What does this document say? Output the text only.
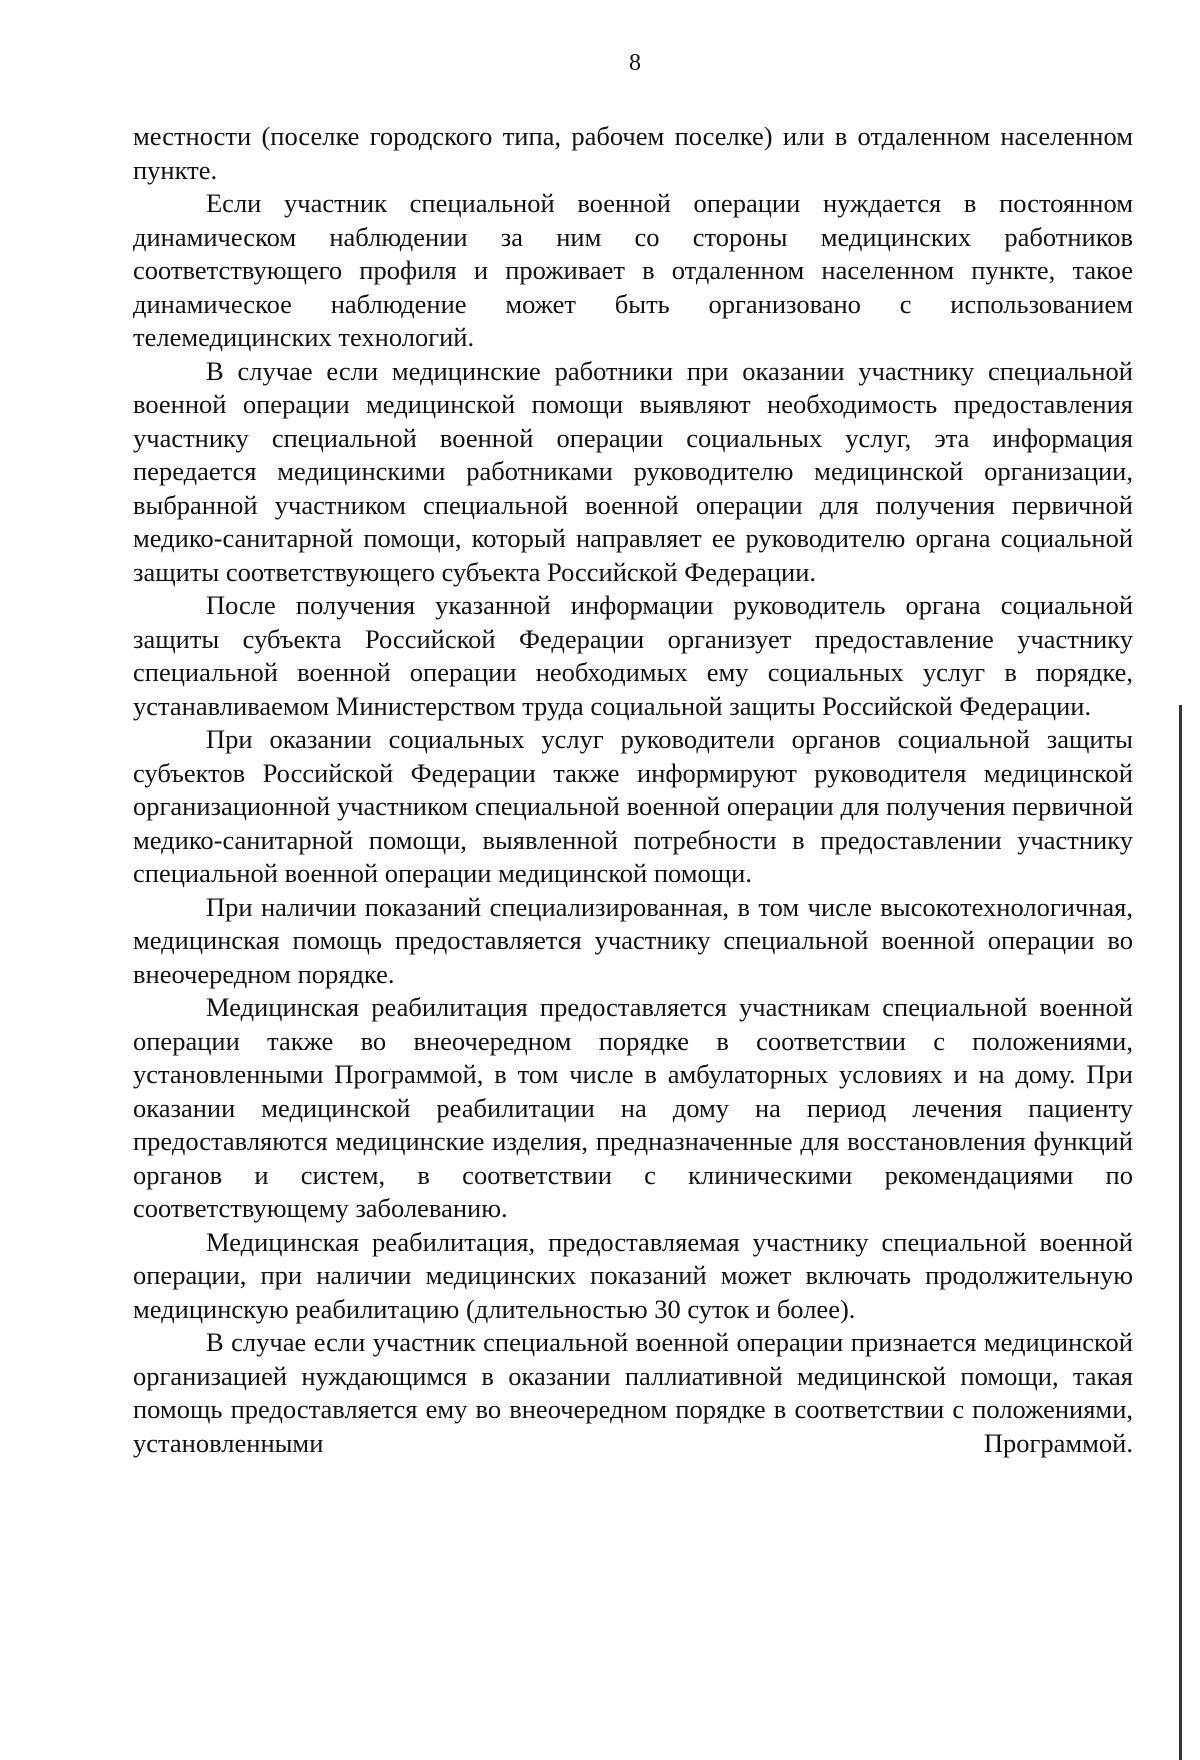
8

местности (поселке городского типа, рабочем поселке) или в отдаленном населенном пункте.

Если участник специальной военной операции нуждается в постоянном динамическом наблюдении за ним со стороны медицинских работников соответствующего профиля и проживает в отдаленном населенном пункте, такое динамическое наблюдение может быть организовано с использованием телемедицинских технологий.

В случае если медицинские работники при оказании участнику специальной военной операции медицинской помощи выявляют необходимость предоставления участнику специальной военной операции социальных услуг, эта информация передается медицинскими работниками руководителю медицинской организации, выбранной участником специальной военной операции для получения первичной медико-санитарной помощи, который направляет ее руководителю органа социальной защиты соответствующего субъекта Российской Федерации.

После получения указанной информации руководитель органа социальной защиты субъекта Российской Федерации организует предоставление участнику специальной военной операции необходимых ему социальных услуг в порядке, устанавливаемом Министерством труда социальной защиты Российской Федерации.

При оказании социальных услуг руководители органов социальной защиты субъектов Российской Федерации также информируют руководителя медицинской организационной участником специальной военной операции для получения первичной медико-санитарной помощи, выявленной потребности в предоставлении участнику специальной военной операции медицинской помощи.

При наличии показаний специализированная, в том числе высокотехнологичная, медицинская помощь предоставляется участнику специальной военной операции во внеочередном порядке.

Медицинская реабилитация предоставляется участникам специальной военной операции также во внеочередном порядке в соответствии с положениями, установленными Программой, в том числе в амбулаторных условиях и на дому. При оказании медицинской реабилитации на дому на период лечения пациенту предоставляются медицинские изделия, предназначенные для восстановления функций органов и систем, в соответствии с клиническими рекомендациями по соответствующему заболеванию.

Медицинская реабилитация, предоставляемая участнику специальной военной операции, при наличии медицинских показаний может включать продолжительную медицинскую реабилитацию (длительностью 30 суток и более).

В случае если участник специальной военной операции признается медицинской организацией нуждающимся в оказании паллиативной медицинской помощи, такая помощь предоставляется ему во внеочередном порядке в соответствии с положениями, установленными Программой.
